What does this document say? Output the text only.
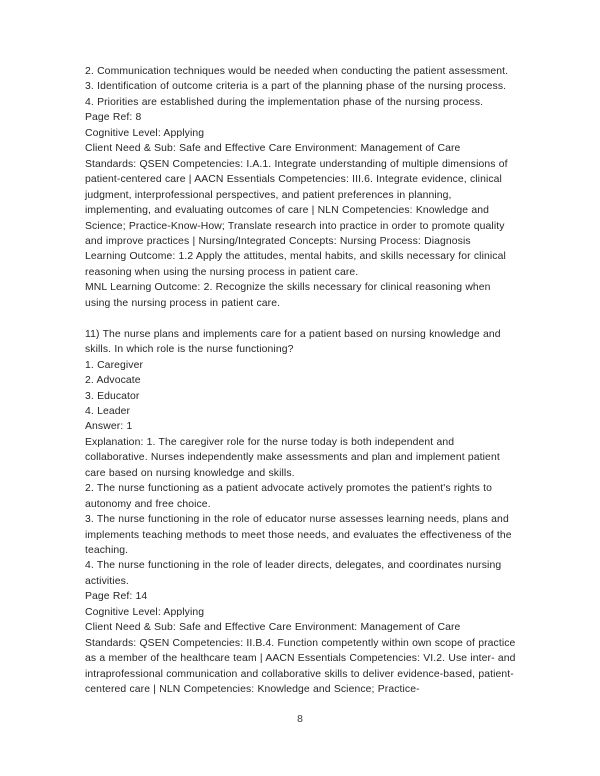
2. Communication techniques would be needed when conducting the patient assessment.

3. Identification of outcome criteria is a part of the planning phase of the nursing process.

4. Priorities are established during the implementation phase of the nursing process.

Page Ref: 8

Cognitive Level: Applying

Client Need & Sub: Safe and Effective Care Environment: Management of Care

Standards: QSEN Competencies: I.A.1. Integrate understanding of multiple dimensions of patient-centered care | AACN Essentials Competencies: III.6. Integrate evidence, clinical judgment, interprofessional perspectives, and patient preferences in planning, implementing, and evaluating outcomes of care | NLN Competencies: Knowledge and Science; Practice-Know-How; Translate research into practice in order to promote quality and improve practices | Nursing/Integrated Concepts: Nursing Process: Diagnosis

Learning Outcome: 1.2 Apply the attitudes, mental habits, and skills necessary for clinical reasoning when using the nursing process in patient care.

MNL Learning Outcome: 2. Recognize the skills necessary for clinical reasoning when using the nursing process in patient care.

11) The nurse plans and implements care for a patient based on nursing knowledge and skills. In which role is the nurse functioning?

1. Caregiver

2. Advocate

3. Educator

4. Leader

Answer: 1

Explanation: 1. The caregiver role for the nurse today is both independent and collaborative. Nurses independently make assessments and plan and implement patient care based on nursing knowledge and skills.

2. The nurse functioning as a patient advocate actively promotes the patient's rights to autonomy and free choice.

3. The nurse functioning in the role of educator nurse assesses learning needs, plans and implements teaching methods to meet those needs, and evaluates the effectiveness of the teaching.

4. The nurse functioning in the role of leader directs, delegates, and coordinates nursing activities.

Page Ref: 14

Cognitive Level: Applying

Client Need & Sub: Safe and Effective Care Environment: Management of Care

Standards: QSEN Competencies: II.B.4. Function competently within own scope of practice as a member of the healthcare team | AACN Essentials Competencies: VI.2. Use inter- and intraprofessional communication and collaborative skills to deliver evidence-based, patient-centered care | NLN Competencies: Knowledge and Science; Practice-

8
